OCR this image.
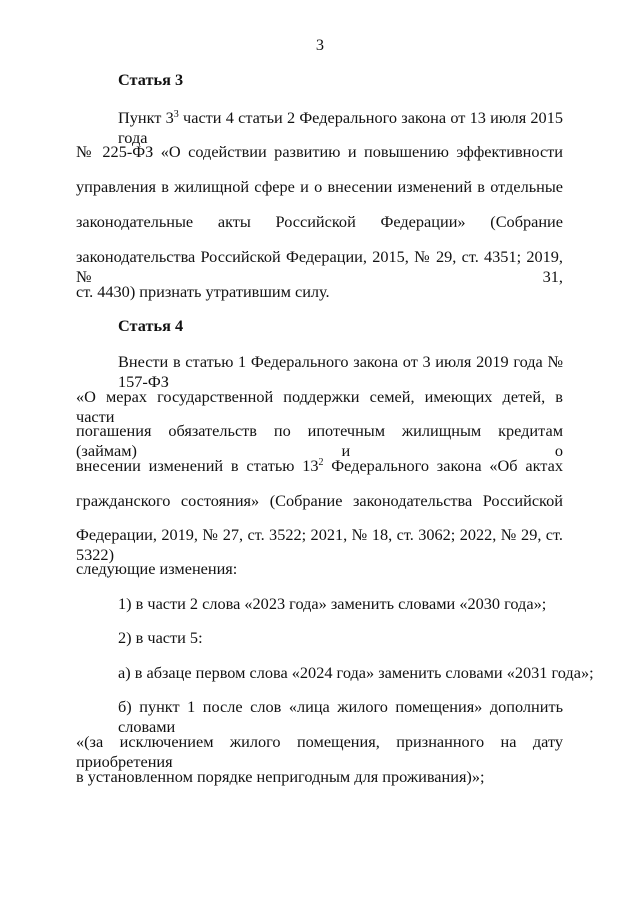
3
Статья 3
Пункт $3^3$ части 4 статьи 2 Федерального закона от 13 июля 2015 года
№ 225-ФЗ «О содействии развитию и повышению эффективности
управления в жилищной сфере и о внесении изменений в отдельные
законодательные акты Российской Федерации» (Собрание
законодательства Российской Федерации, 2015, № 29, ст. 4351; 2019, № 31,
ст. 4430) признать утратившим силу.
Статья 4
Внести в статью 1 Федерального закона от 3 июля 2019 года № 157-ФЗ
«О мерах государственной поддержки семей, имеющих детей, в части
погашения обязательств по ипотечным жилищным кредитам (займам) и о
внесении изменений в статью $13^2$ Федерального закона «Об актах
гражданского состояния» (Собрание законодательства Российской
Федерации, 2019, № 27, ст. 3522; 2021, № 18, ст. 3062; 2022, № 29, ст. 5322)
следующие изменения:
1) в части 2 слова «2023 года» заменить словами «2030 года»;
2) в части 5:
а) в абзаце первом слова «2024 года» заменить словами «2031 года»;
б) пункт 1 после слов «лица жилого помещения» дополнить словами
«(за исключением жилого помещения, признанного на дату приобретения
в установленном порядке непригодным для проживания)»;
